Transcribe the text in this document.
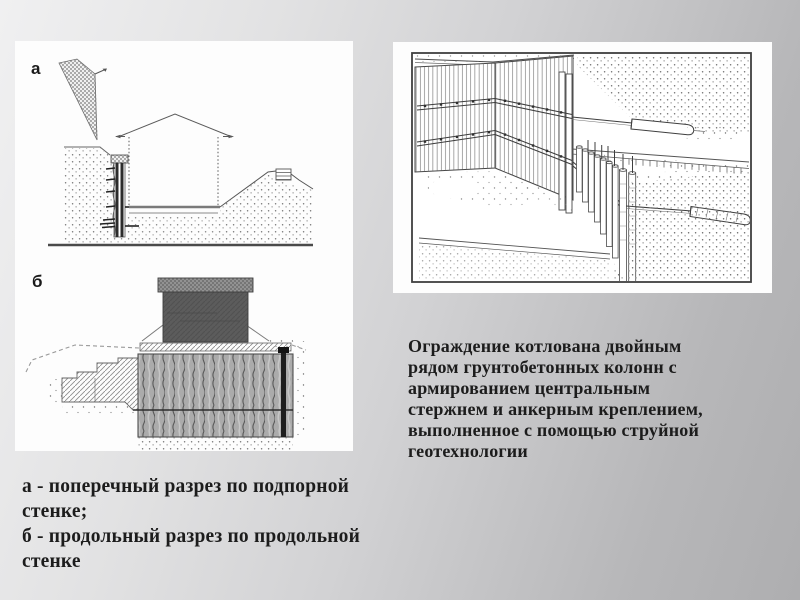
а
б
а - поперечный разрез по подпорной
стенке;
б - продольный разрез по продольной
стенке
Ограждение котлована двойным
рядом грунтобетонных колонн с
армированием центральным
стержнем и анкерным креплением,
выполненное с помощью струйной
геотехнологии
